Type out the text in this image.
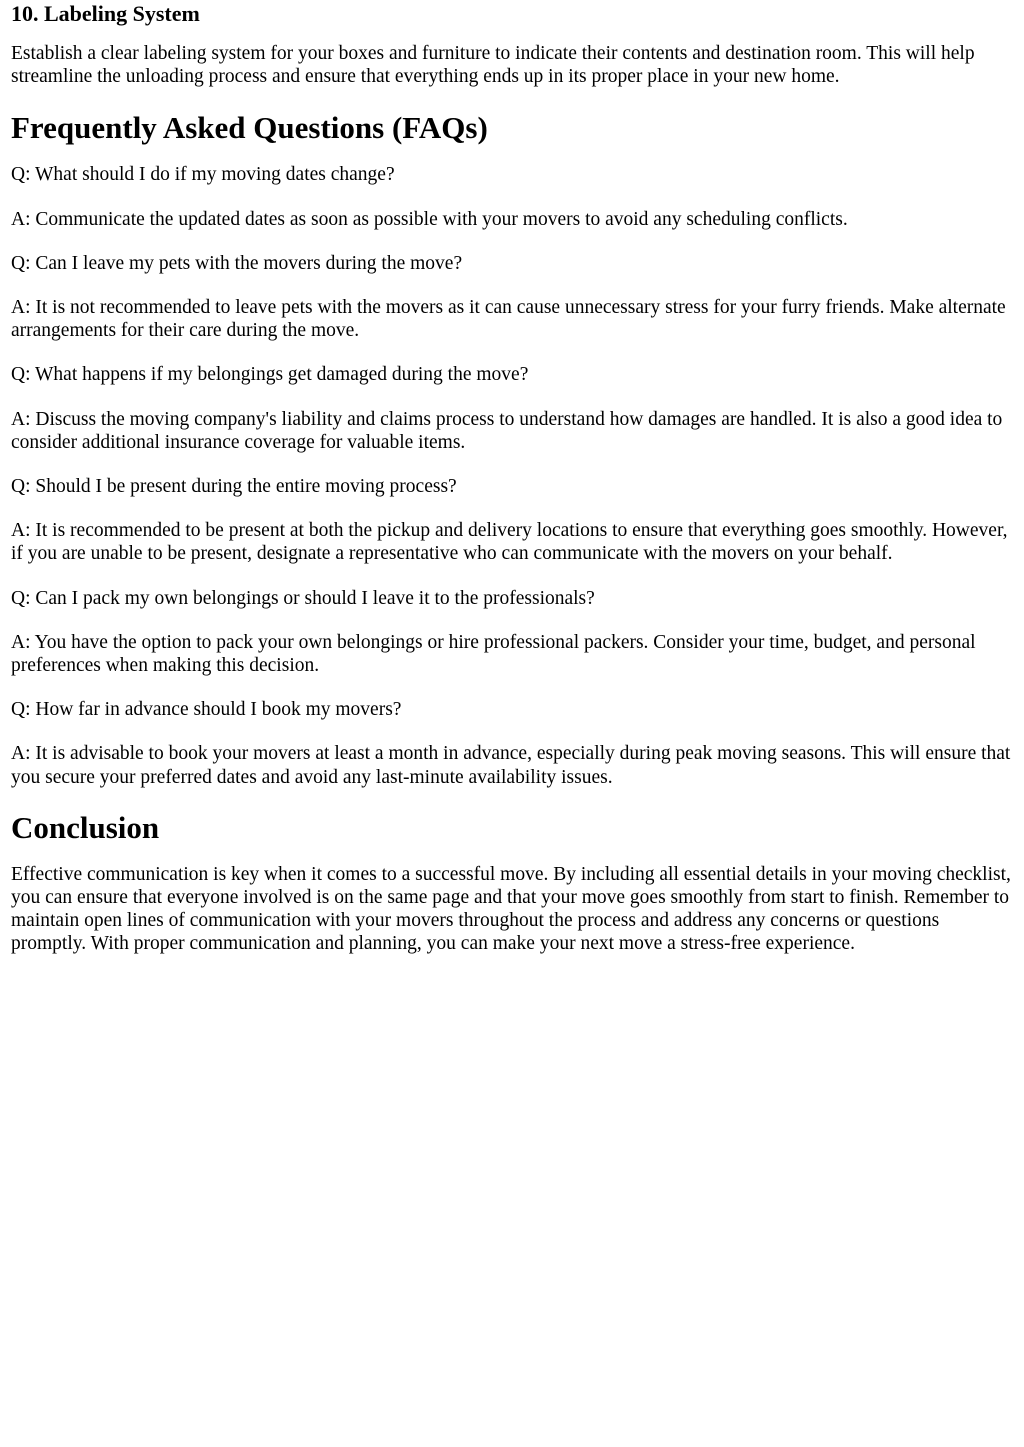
10. Labeling System

Establish a clear labeling system for your boxes and furniture to indicate their contents and destination room. This will help streamline the unloading process and ensure that everything ends up in its proper place in your new home.

Frequently Asked Questions (FAQs)

Q: What should I do if my moving dates change?

A: Communicate the updated dates as soon as possible with your movers to avoid any scheduling conflicts.

Q: Can I leave my pets with the movers during the move?

A: It is not recommended to leave pets with the movers as it can cause unnecessary stress for your furry friends. Make alternate arrangements for their care during the move.

Q: What happens if my belongings get damaged during the move?

A: Discuss the moving company's liability and claims process to understand how damages are handled. It is also a good idea to consider additional insurance coverage for valuable items.

Q: Should I be present during the entire moving process?

A: It is recommended to be present at both the pickup and delivery locations to ensure that everything goes smoothly. However, if you are unable to be present, designate a representative who can communicate with the movers on your behalf.

Q: Can I pack my own belongings or should I leave it to the professionals?

A: You have the option to pack your own belongings or hire professional packers. Consider your time, budget, and personal preferences when making this decision.

Q: How far in advance should I book my movers?

A: It is advisable to book your movers at least a month in advance, especially during peak moving seasons. This will ensure that you secure your preferred dates and avoid any last-minute availability issues.

Conclusion

Effective communication is key when it comes to a successful move. By including all essential details in your moving checklist, you can ensure that everyone involved is on the same page and that your move goes smoothly from start to finish. Remember to maintain open lines of communication with your movers throughout the process and address any concerns or questions promptly. With proper communication and planning, you can make your next move a stress-free experience.
